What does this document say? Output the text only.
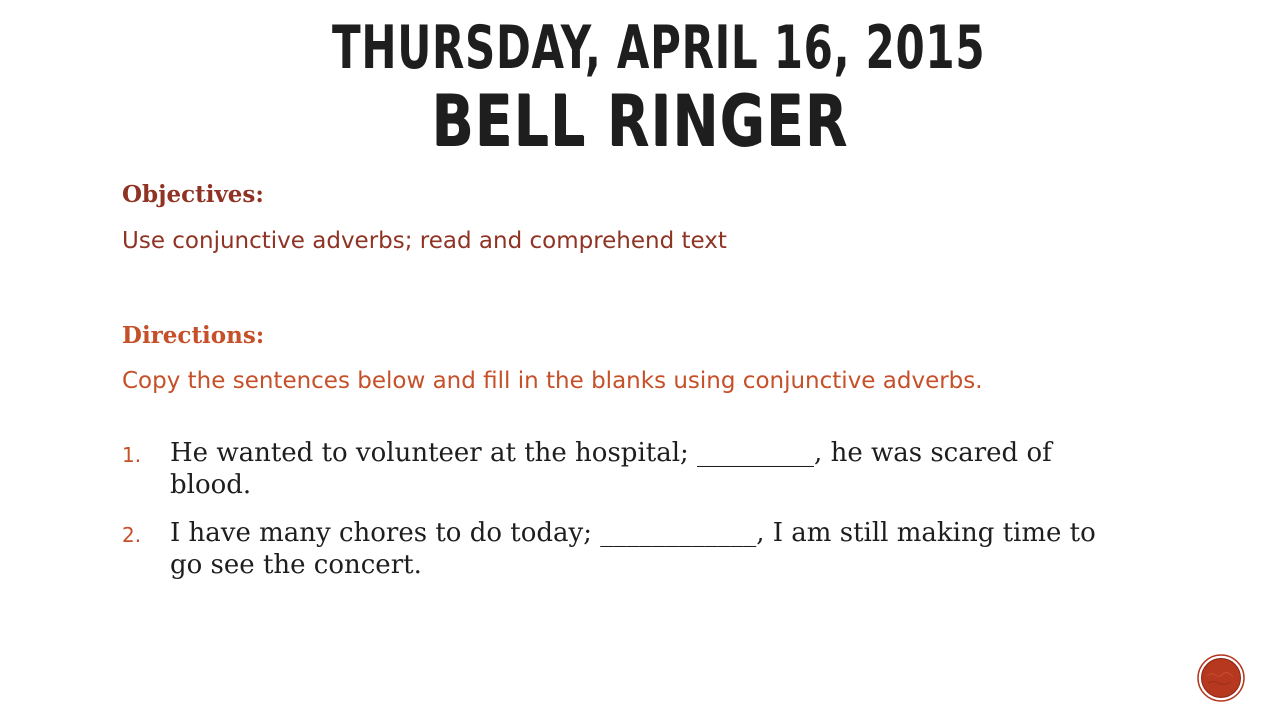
THURSDAY, APRIL 16, 2015
BELL RINGER

Objectives:

Use conjunctive adverbs; read and comprehend text

Directions:

Copy the sentences below and fill in the blanks using conjunctive adverbs.

1. He wanted to volunteer at the hospital; _________, he was scared of blood.
2. I have many chores to do today; ____________, I am still making time to go see the concert.
